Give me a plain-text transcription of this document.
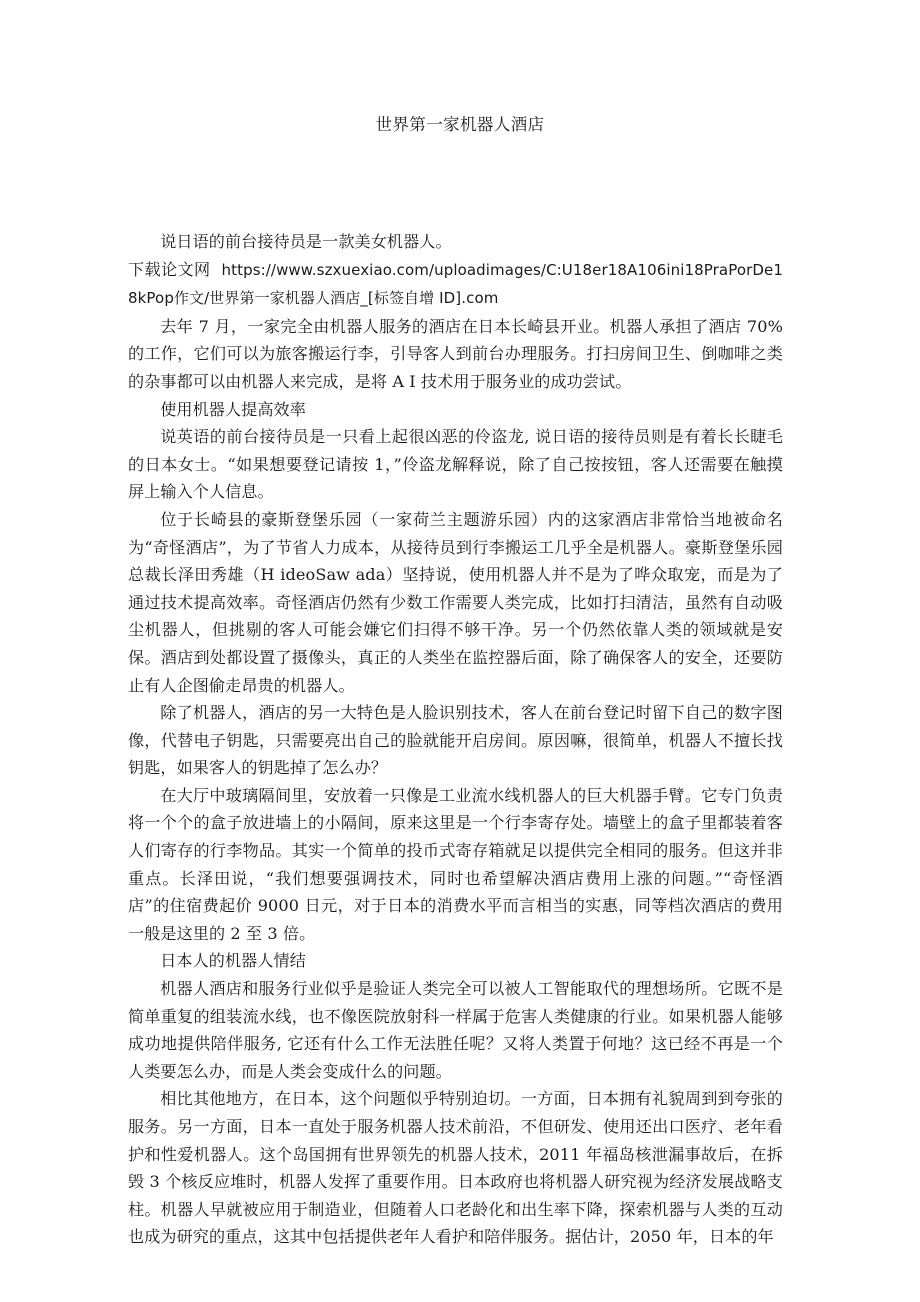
世界第一家机器人酒店

说日语的前台接待员是一款美女机器人。

下载论文网 https://www.szxuexiao.com/uploadimages/C:U18er18A106ini18PraPorDe18kPop作文/世界第一家机器人酒店_[标签自增 ID].com

去年 7 月，一家完全由机器人服务的酒店在日本长崎县开业。机器人承担了酒店 70%的工作，它们可以为旅客搬运行李，引导客人到前台办理服务。打扫房间卫生、倒咖啡之类的杂事都可以由机器人来完成，是将 A I 技术用于服务业的成功尝试。

使用机器人提高效率

说英语的前台接待员是一只看上起很凶恶的伶盗龙, 说日语的接待员则是有着长长睫毛的日本女士。“如果想要登记请按 1，”伶盗龙解释说，除了自己按按钮，客人还需要在触摸屏上输入个人信息。

位于长崎县的豪斯登堡乐园（一家荷兰主题游乐园）内的这家酒店非常恰当地被命名为“奇怪酒店”，为了节省人力成本，从接待员到行李搬运工几乎全是机器人。豪斯登堡乐园总裁长泽田秀雄（H ideoSaw ada）坚持说，使用机器人并不是为了哗众取宠，而是为了通过技术提高效率。奇怪酒店仍然有少数工作需要人类完成，比如打扫清洁，虽然有自动吸尘机器人，但挑剔的客人可能会嫌它们扫得不够干净。另一个仍然依靠人类的领域就是安保。酒店到处都设置了摄像头，真正的人类坐在监控器后面，除了确保客人的安全，还要防止有人企图偷走昂贵的机器人。

除了机器人，酒店的另一大特色是人脸识别技术，客人在前台登记时留下自己的数字图像，代替电子钥匙，只需要亮出自己的脸就能开启房间。原因嘛，很简单，机器人不擅长找钥匙，如果客人的钥匙掉了怎么办？

在大厅中玻璃隔间里，安放着一只像是工业流水线机器人的巨大机器手臂。它专门负责将一个个的盒子放进墙上的小隔间，原来这里是一个行李寄存处。墙壁上的盒子里都装着客人们寄存的行李物品。其实一个简单的投币式寄存箱就足以提供完全相同的服务。但这并非重点。长泽田说，“我们想要强调技术，同时也希望解决酒店费用上涨的问题。”“奇怪酒店”的住宿费起价 9000 日元，对于日本的消费水平而言相当的实惠，同等档次酒店的费用一般是这里的 2 至 3 倍。

日本人的机器人情结

机器人酒店和服务行业似乎是验证人类完全可以被人工智能取代的理想场所。它既不是简单重复的组装流水线，也不像医院放射科一样属于危害人类健康的行业。如果机器人能够成功地提供陪伴服务, 它还有什么工作无法胜任呢？又将人类置于何地？这已经不再是一个人类要怎么办，而是人类会变成什么的问题。

相比其他地方，在日本，这个问题似乎特别迫切。一方面，日本拥有礼貌周到到夸张的服务。另一方面，日本一直处于服务机器人技术前沿，不但研发、使用还出口医疗、老年看护和性爱机器人。这个岛国拥有世界领先的机器人技术，2011 年福岛核泄漏事故后，在拆毁 3 个核反应堆时，机器人发挥了重要作用。日本政府也将机器人研究视为经济发展战略支柱。机器人早就被应用于制造业，但随着人口老龄化和出生率下降，探索机器与人类的互动也成为研究的重点，这其中包括提供老年人看护和陪伴服务。据估计，2050 年，日本的年
